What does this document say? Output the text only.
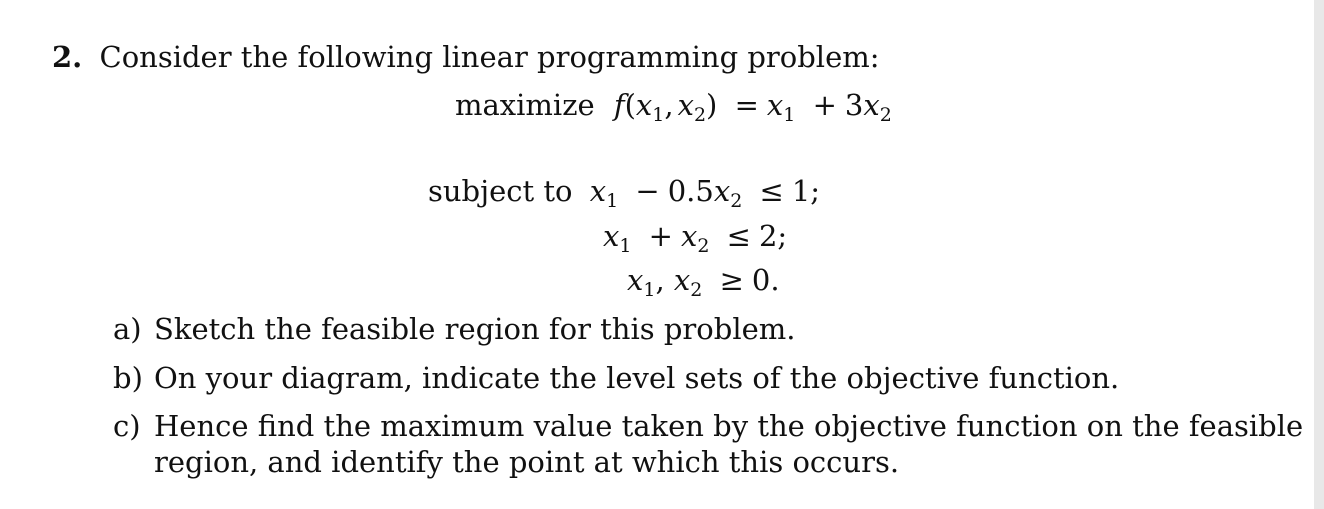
2. Consider the following linear programming problem:
maximize $f(x_1$, $x_2) = x_1 + 3x_2$
subject to $x_1 - 0.5x_2 \le 1$;
$x_1 + x_2 \le 2$;
$x_1$, $x_2 \ge 0$.
a) Sketch the feasible region for this problem.
b) On your diagram, indicate the level sets of the objective function.
c) Hence find the maximum value taken by the objective function on the feasible
region, and identify the point at which this occurs.
